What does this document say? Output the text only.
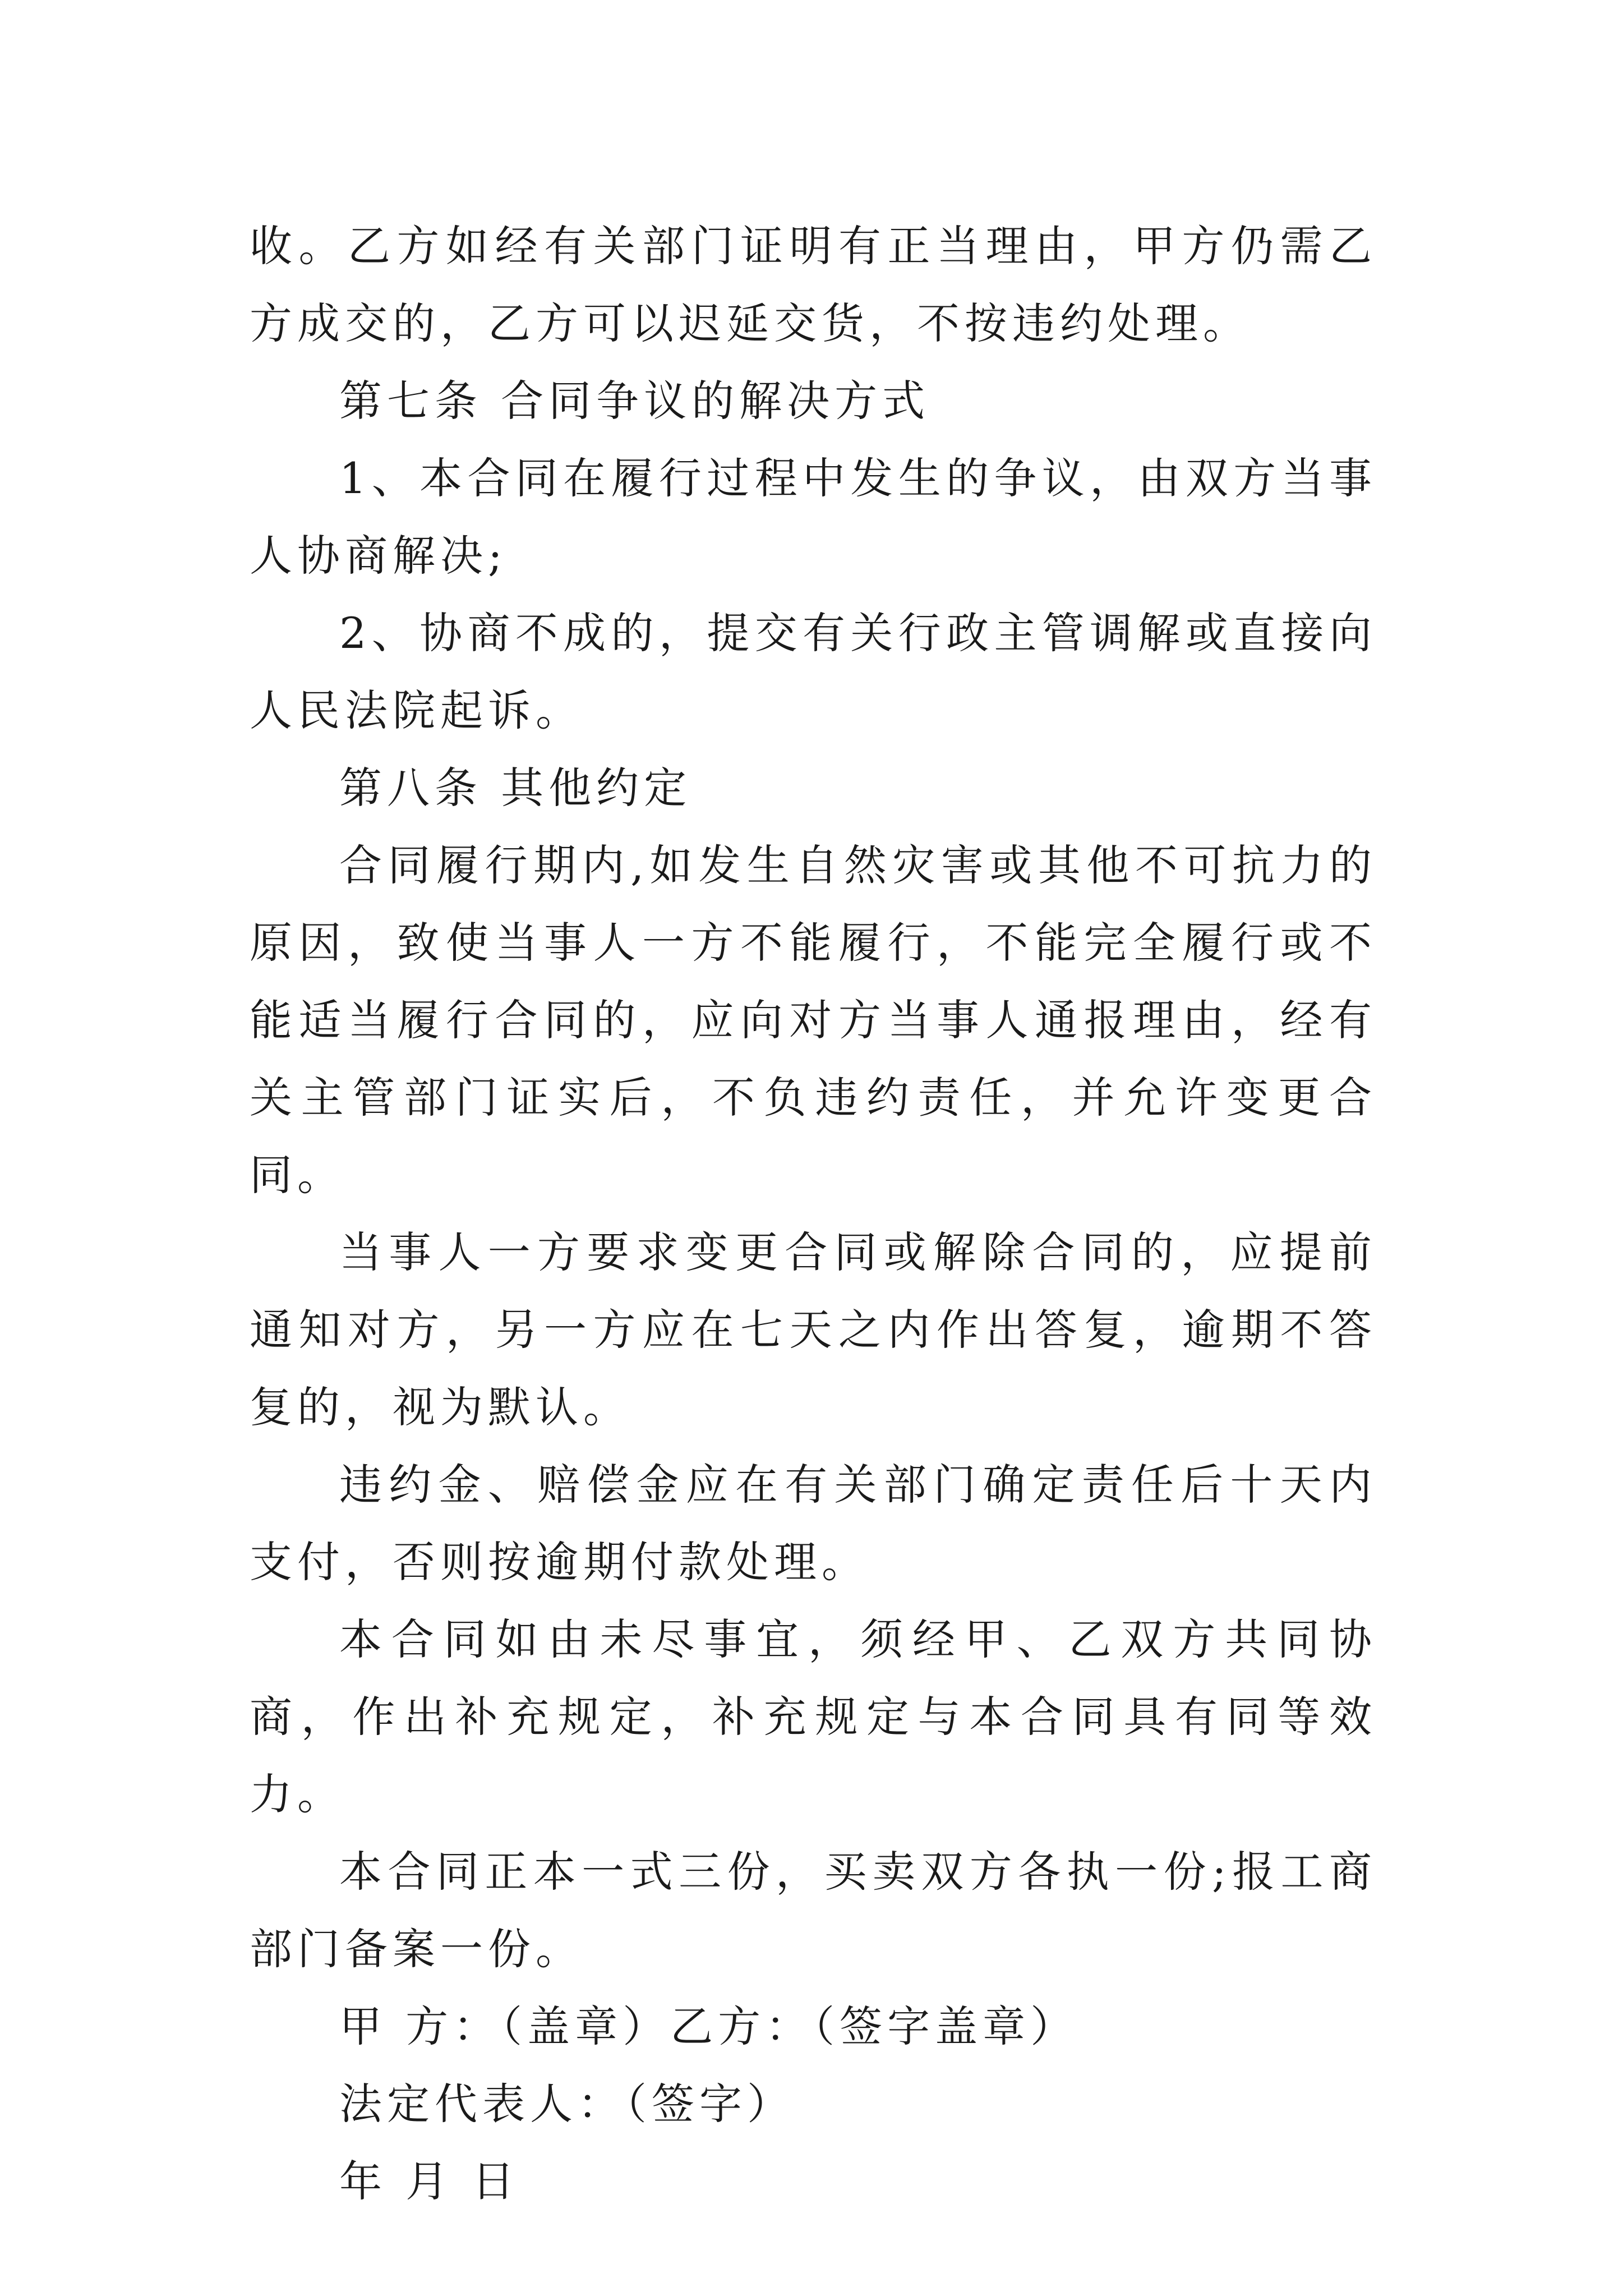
收。乙方如经有关部门证明有正当理由，甲方仍需乙方成交的，乙方可以迟延交货，不按违约处理。

第七条 合同争议的解决方式

1、本合同在履行过程中发生的争议，由双方当事人协商解决;

2、协商不成的，提交有关行政主管调解或直接向人民法院起诉。

第八条 其他约定

合同履行期内,如发生自然灾害或其他不可抗力的原因，致使当事人一方不能履行，不能完全履行或不能适当履行合同的，应向对方当事人通报理由，经有关主管部门证实后，不负违约责任，并允许变更合同。

当事人一方要求变更合同或解除合同的，应提前通知对方，另一方应在七天之内作出答复，逾期不答复的，视为默认。

违约金、赔偿金应在有关部门确定责任后十天内支付，否则按逾期付款处理。

本合同如由未尽事宜，须经甲、乙双方共同协商，作出补充规定，补充规定与本合同具有同等效力。

本合同正本一式三份，买卖双方各执一份;报工商部门备案一份。

甲 方：（盖章）乙方：（签字盖章）

法定代表人：（签字）

年 月 日
